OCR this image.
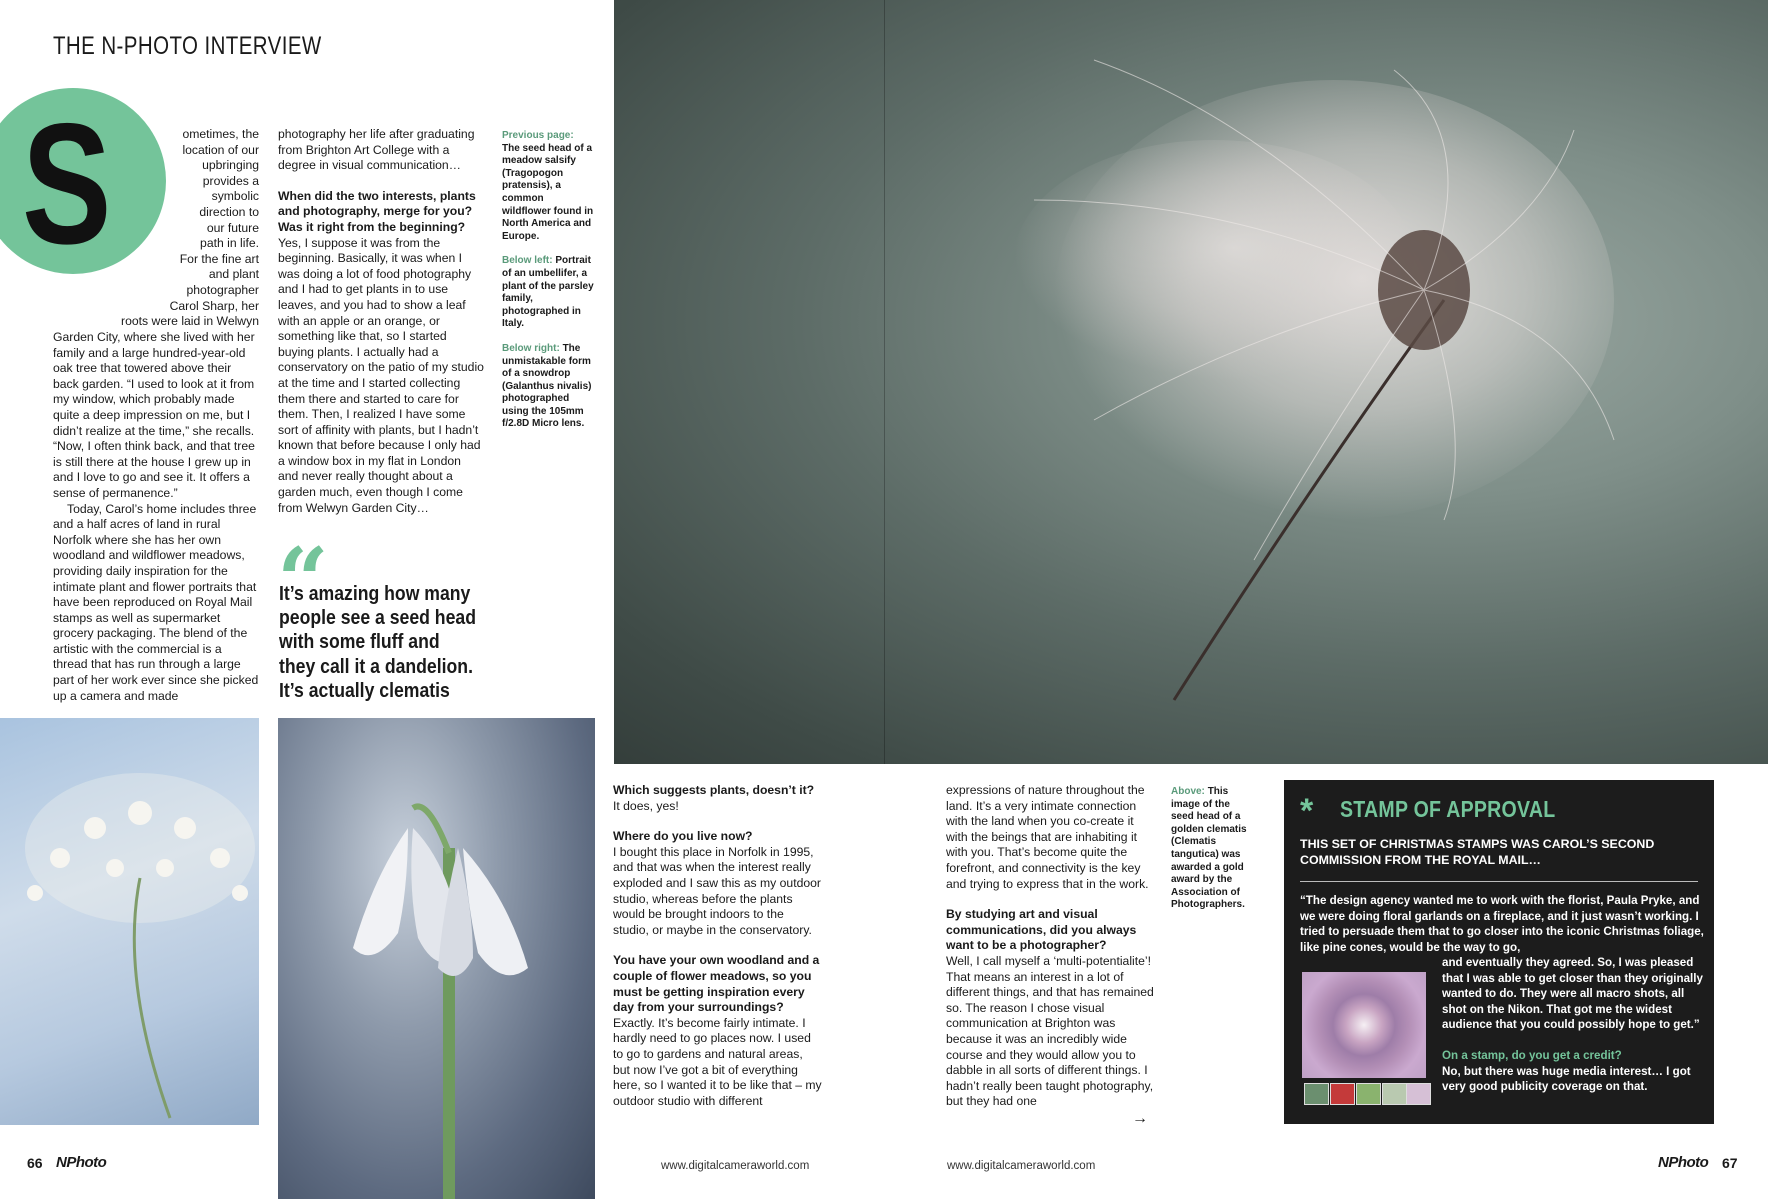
THE N-PHOTO INTERVIEW
S	ometimes, the
location of our
upbringing
provides a
symbolic
direction to
our future
path in life.
For the fine art
and plant
photographer
Carol Sharp, her
roots were laid in Welwyn

Garden City, where she lived with her family and a large hundred-year-old oak tree that towered above their back garden. “I used to look at it from my window, which probably made quite a deep impression on me, but I didn’t realize at the time,” she recalls. “Now, I often think back, and that tree is still there at the house I grew up in and I love to go and see it. It offers a sense of permanence.”

Today, Carol’s home includes three and a half acres of land in rural Norfolk where she has her own woodland and wildflower meadows, providing daily inspiration for the intimate plant and flower portraits that have been reproduced on Royal Mail stamps as well as supermarket grocery packaging. The blend of the artistic with the commercial is a thread that has run through a large part of her work ever since she picked up a camera and made

photography her life after graduating from Brighton Art College with a degree in visual communication…

When did the two interests, plants and photography, merge for you? Was it right from the beginning?

Yes, I suppose it was from the beginning. Basically, it was when I was doing a lot of food photography and I had to get plants in to use leaves, and you had to show a leaf with an apple or an orange, or something like that, so I started buying plants. I actually had a conservatory on the patio of my studio at the time and I started collecting them there and started to care for them. Then, I realized I have some sort of affinity with plants, but I hadn’t known that before because I only had a window box in my flat in London and never really thought about a garden much, even though I come from Welwyn Garden City…

“
It’s amazing how many people see a seed head with some fluff and they call it a dandelion. It’s actually clematis

Previous page: The seed head of a meadow salsify (Tragopogon pratensis), a common wildflower found in North America and Europe.

Below left: Portrait of an umbellifer, a plant of the parsley family, photographed in Italy.

Below right: The unmistakable form of a snowdrop (Galanthus nivalis) photographed using the 105mm f/2.8D Micro lens.

Which suggests plants, doesn’t it?

It does, yes!

Where do you live now?

I bought this place in Norfolk in 1995, and that was when the interest really exploded and I saw this as my outdoor studio, whereas before the plants would be brought indoors to the studio, or maybe in the conservatory.

You have your own woodland and a couple of flower meadows, so you must be getting inspiration every day from your surroundings?

Exactly. It’s become fairly intimate. I hardly need to go places now. I used to go to gardens and natural areas, but now I’ve got a bit of everything here, so I wanted it to be like that – my outdoor studio with different

expressions of nature throughout the land. It’s a very intimate connection with the land when you co-create it with the beings that are inhabiting it with you. That’s become quite the forefront, and connectivity is the key and trying to express that in the work.

By studying art and visual communications, did you always want to be a photographer?

Well, I call myself a ‘multi-potentialite’! That means an interest in a lot of different things, and that has remained so. The reason I chose visual communication at Brighton was because it was an incredibly wide course and they would allow you to dabble in all sorts of different things. I hadn’t really been taught photography, but they had one

→

Above: This image of the seed head of a golden clematis (Clematis tangutica) was awarded a gold award by the Association of Photographers.

* STAMP OF APPROVAL
THIS SET OF CHRISTMAS STAMPS WAS CAROL’S SECOND COMMISSION FROM THE ROYAL MAIL…
“The design agency wanted me to work with the florist, Paula Pryke, and we were doing floral garlands on a fireplace, and it just wasn’t working. I tried to persuade them that to go closer into the iconic Christmas foliage, like pine cones, would be the way to go,
and eventually they agreed. So, I was pleased that I was able to get closer than they originally wanted to do. They were all macro shots, all shot on the Nikon. That got me the widest audience that you could possibly hope to get.”
On a stamp, do you get a credit?
No, but there was huge media interest… I got very good publicity coverage on that.
66 NPhoto	www.digitalcameraworld.com	www.digitalcameraworld.com	NPhoto 67
